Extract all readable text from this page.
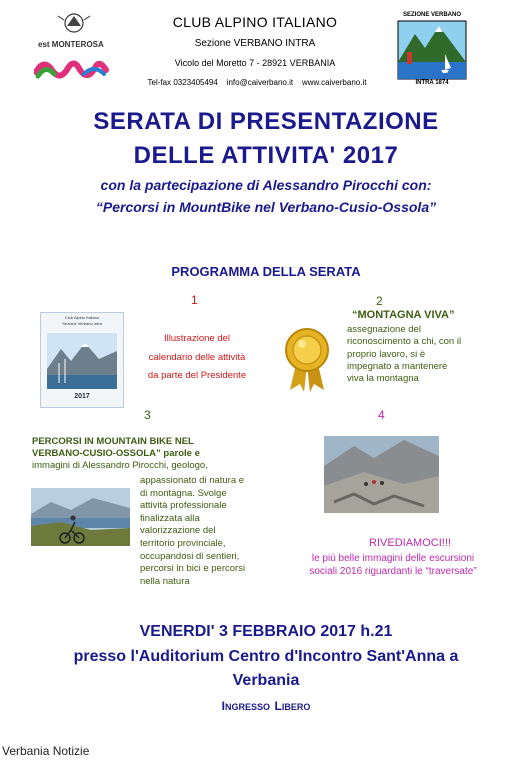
est MONTEROSA
CLUB ALPINO ITALIANO
Sezione VERBANO INTRA
Vicolo del Moretto 7 - 28921 VERBANIA
Tel-fax 0323405494    info@caiverbano.it    www.caiverbano.it
SEZIONE VERBANO
INTRA 1874
SERATA DI PRESENTAZIONE
DELLE ATTIVITA' 2017
con la partecipazione di Alessandro Pirocchi con:
“Percorsi in MountBike nel Verbano-Cusio-Ossola”
PROGRAMMA DELLA SERATA
1
Club Alpino Italiano
Sezione Verbano Intra
2017
Illustrazione del
calendario delle attività
da parte del Presidente
2
“MONTAGNA VIVA”
assegnazione del
riconoscimento a chi, con il
proprio lavoro, si è
impegnato a mantenere
viva la montagna
3
PERCORSI IN MOUNTAIN BIKE NEL
VERBANO-CUSIO-OSSOLA” parole e
immagini di Alessandro Pirocchi, geologo,
appassionato di natura e
di montagna. Svolge
attività professionale
finalizzata alla
valorizzazione del
territorio provinciale,
occupandosi di sentieri,
percorsi in bici e percorsi
nella natura
4
RIVEDIAMOCI!!!
le più belle immagini delle escursioni
sociali 2016 riguardanti le “traversate”
VENERDI' 3 FEBBRAIO 2017 h.21
presso l'Auditorium Centro d'Incontro Sant'Anna a
Verbania
INGRESSO LIBERO
Verbania Notizie
